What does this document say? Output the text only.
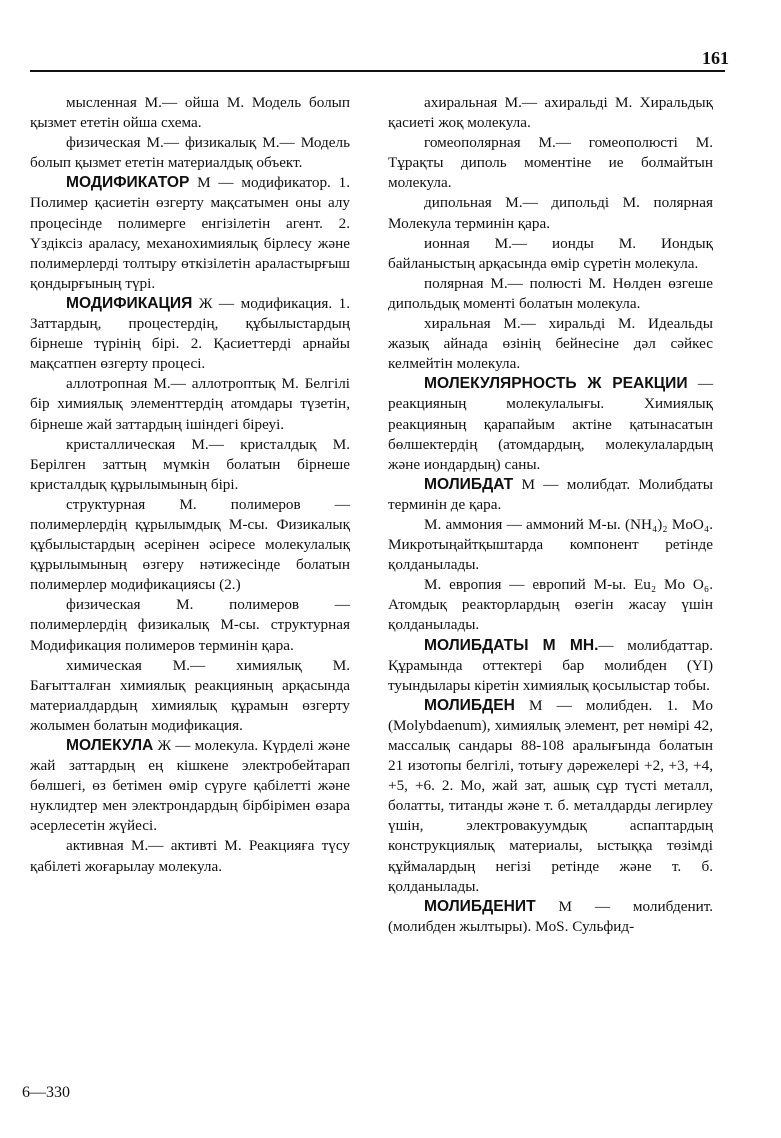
161

мысленная М.— ойша М. Модель болып қызмет ететін ойша схема.

физическая М.— физикалық М.— Модель болып қызмет ететін материалдық объект.

МОДИФИКАТОР М — модификатор. 1. Полимер қасиетін өзгерту мақсатымен оны алу процесінде полимерге енгізілетін агент. 2. Үздіксіз араласу, механохимиялық бірлесу және полимерлерді толтыру өткізілетін араластырғыш қондырғының түрі.

МОДИФИКАЦИЯ Ж — модификация. 1. Заттардың, процестердің, құбылыстардың бірнеше түрінің бірі. 2. Қасиеттерді арнайы мақсатпен өзгерту процесі.

аллотропная М.— аллотроптық М. Белгілі бір химиялық элементтердің атомдары түзетін, бірнеше жай заттардың ішіндегі біреуі.

кристаллическая М.— кристалдық М. Берілген заттың мүмкін болатын бірнеше кристалдық құрылымының бірі.

структурная М. полимеров — полимерлердің құрылымдық М-сы. Физикалық құбылыстардың әсерінен әсіресе молекулалық құрылымының өзгеру нәтижесінде болатын полимерлер модификациясы (2.)

физическая М. полимеров — полимерлердің физикалық М-сы. структурная Модификация полимеров терминін қара.

химическая М.— химиялық М. Бағытталған химиялық реакцияның арқасында материалдардың химиялық құрамын өзгерту жолымен болатын модификация.

МОЛЕКУЛА Ж — молекула. Күрделі және жай заттардың ең кішкене электробейтарап бөлшегі, өз бетімен өмір сүруге қабілетті және нуклидтер мен электрондардың бірбірімен өзара әсерлесетін жүйесі.

активная М.— активті М. Реакцияға түсу қабілеті жоғарылау молекула.

ахиральная М.— ахиральді М. Хиральдық қасиеті жоқ молекула.

гомеополярная М.— гомеополюсті М. Тұрақты диполь моментіне ие болмайтын молекула.

дипольная М.— дипольді М. полярная Молекула терминін қара.

ионная М.— ионды М. Иондық байланыстың арқасында өмір сүретін молекула.

полярная М.— полюсті М. Нөлден өзгеше дипольдық моменті болатын молекула.

хиральная М.— хиральді М. Идеальды жазық айнада өзінің бейнесіне дәл сәйкес келмейтін молекула.

МОЛЕКУЛЯРНОСТЬ Ж РЕАКЦИИ — реакцияның молекулалығы. Химиялық реакцияның қарапайым актіне қатынасатын бөлшектердің (атомдардың, молекулалардың және иондардың) саны.

МОЛИБДАТ М — молибдат. Молибдаты терминін де қара.

М. аммония — аммоний М-ы. (NH₄)₂ MoO₄. Микротыңайтқыштарда компонент ретінде қолданылады.

М. европия — европий М-ы. Eu₂ Mo O₆. Атомдық реакторлардың өзегін жасау үшін қолданылады.

МОЛИБДАТЫ М МН.— молибдаттар. Құрамында оттектері бар молибден (YI) туындылары кіретін химиялық қосылыстар тобы.

МОЛИБДЕН М — молибден. 1. Mo (Molybdaenum), химиялық элемент, рет нөмірі 42, массалық сандары 88-108 аралығында болатын 21 изотопы белгілі, тотығу дәрежелері +2, +3, +4, +5, +6. 2. Mo, жай зат, ашық сұр түсті металл, болатты, титанды және т. б. металдарды легирлеу үшін, электровакуумдық аспаптардың конструкциялық материалы, ыстыққа төзімді құймалардың негізі ретінде және т. б. қолданылады.

МОЛИБДЕНИТ М — молибденит. (молибден жылтыры). MoS. Сульфид-

6—330
